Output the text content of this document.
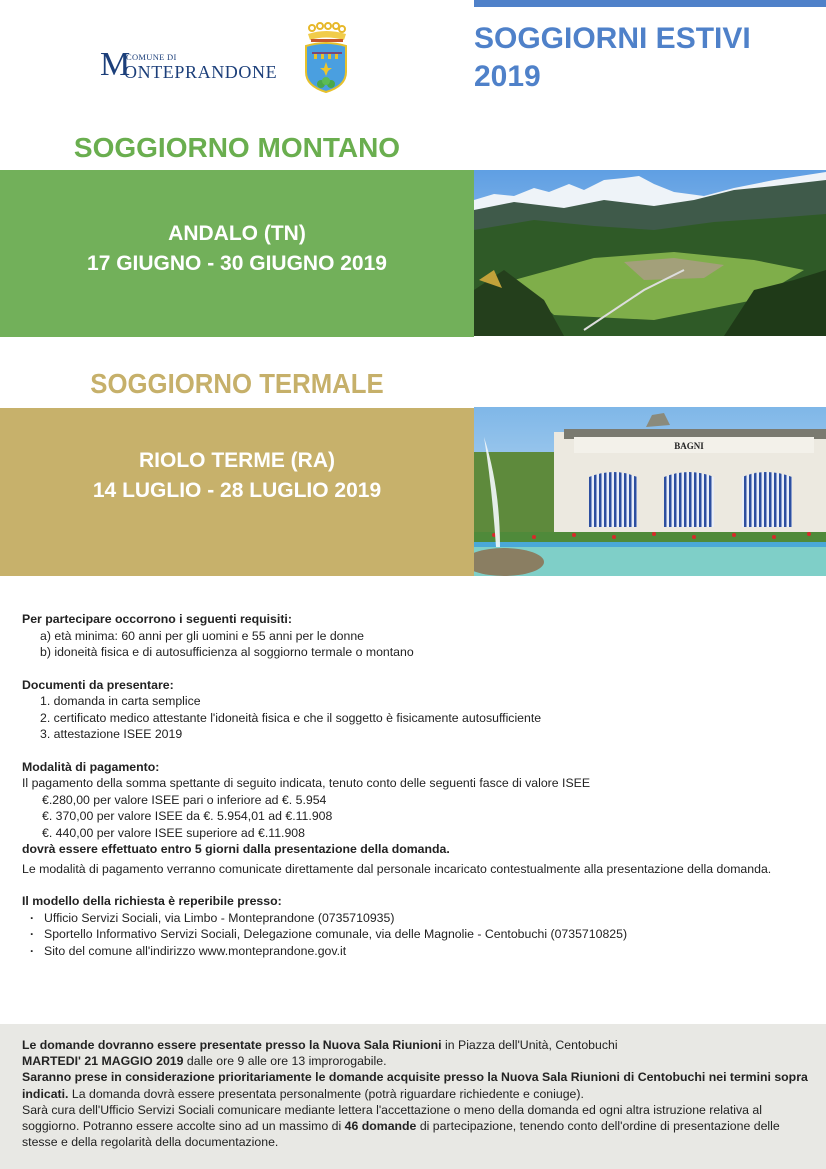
M
COMUNE DI
ONTEPRANDONE
SOGGIORNI ESTIVI
2019
SOGGIORNO MONTANO
ANDALO (TN)
17 GIUGNO - 30 GIUGNO 2019
SOGGIORNO TERMALE
RIOLO TERME (RA)
14 LUGLIO - 28 LUGLIO 2019
BAGNI
Per partecipare occorrono i seguenti requisiti:
a) età minima: 60 anni per gli uomini e 55 anni per le donne
b) idoneità fisica e di autosufficienza al soggiorno termale o montano
Documenti da presentare:
1. domanda in carta semplice
2. certificato medico attestante l'idoneità fisica e che il soggetto è fisicamente autosufficiente
3. attestazione ISEE 2019
Modalità di pagamento:
Il pagamento della somma spettante di seguito indicata, tenuto conto delle seguenti fasce di valore ISEE
€.280,00 per valore ISEE pari o inferiore ad €. 5.954
€. 370,00 per valore ISEE da €. 5.954,01 ad €.11.908
€. 440,00 per valore ISEE superiore ad €.11.908
dovrà essere effettuato entro 5 giorni dalla presentazione della domanda.
Le modalità di pagamento verranno comunicate direttamente dal personale incaricato contestualmente alla presentazione della domanda.
Il modello della richiesta è reperibile presso:
· Ufficio Servizi Sociali, via Limbo - Monteprandone (0735710935)
· Sportello Informativo Servizi Sociali, Delegazione comunale, via delle Magnolie - Centobuchi (0735710825)
· Sito del comune all'indirizzo www.monteprandone.gov.it
Le domande dovranno essere presentate presso la Nuova Sala Riunioni in Piazza dell'Unità, Centobuchi
MARTEDI' 21 MAGGIO 2019 dalle ore 9 alle ore 13 improrogabile.
Saranno prese in considerazione prioritariamente le domande acquisite presso la Nuova Sala Riunioni di Centobuchi nei termini sopra indicati. La domanda dovrà essere presentata personalmente (potrà riguardare richiedente e coniuge).
Sarà cura dell'Ufficio Servizi Sociali comunicare mediante lettera l'accettazione o meno della domanda ed ogni altra istruzione relativa al soggiorno. Potranno essere accolte sino ad un massimo di 46 domande di partecipazione, tenendo conto dell'ordine di presentazione delle stesse e della regolarità della documentazione.
